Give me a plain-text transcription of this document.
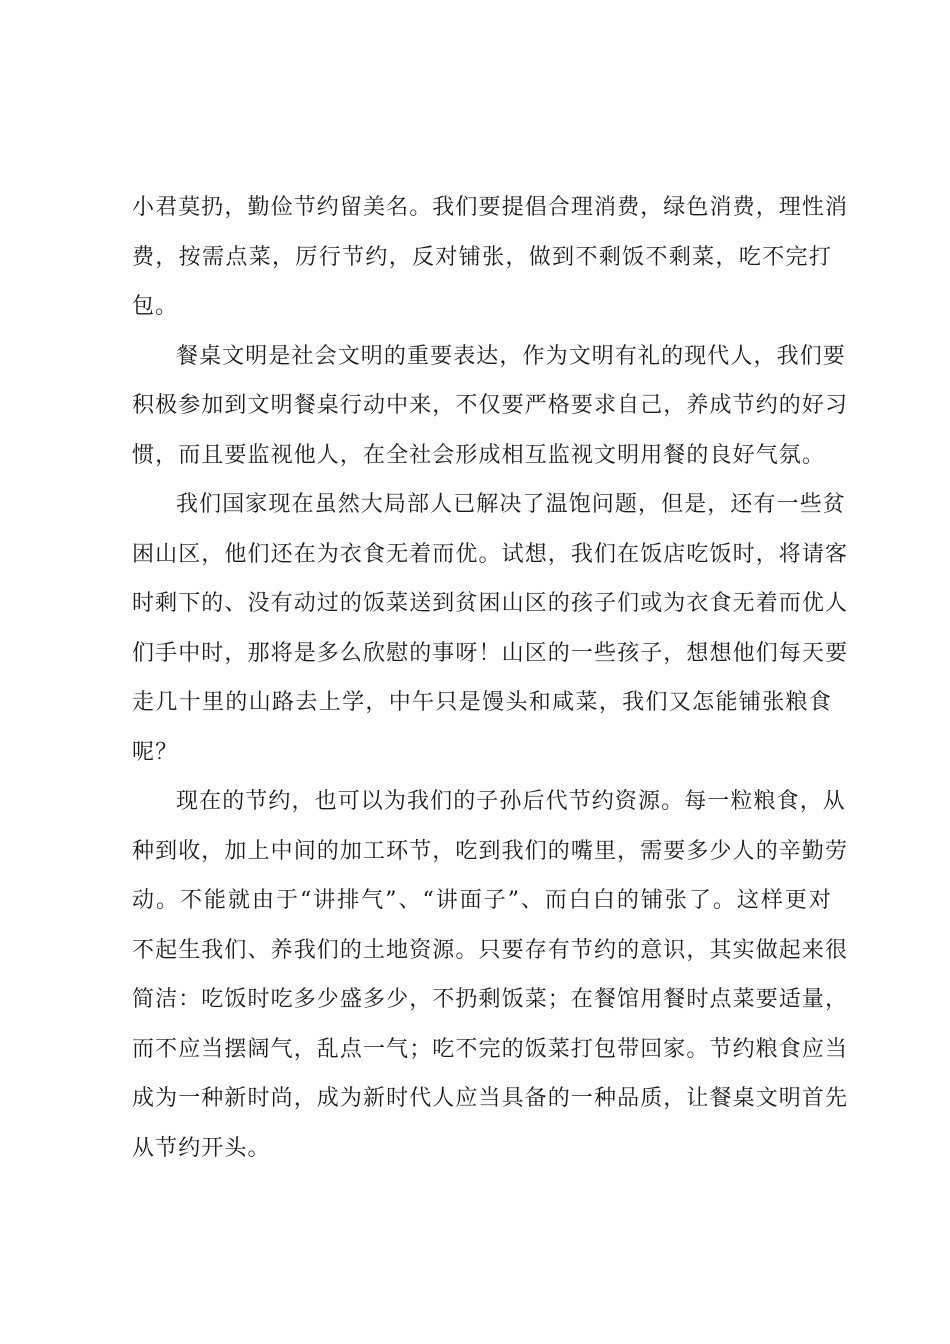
小君莫扔，勤俭节约留美名。我们要提倡合理消费，绿色消费，理性消
费，按需点菜，厉行节约，反对铺张，做到不剩饭不剩菜，吃不完打
包。
餐桌文明是社会文明的重要表达，作为文明有礼的现代人，我们要
积极参加到文明餐桌行动中来，不仅要严格要求自己，养成节约的好习
惯，而且要监视他人，在全社会形成相互监视文明用餐的良好气氛。
我们国家现在虽然大局部人已解决了温饱问题，但是，还有一些贫
困山区，他们还在为衣食无着而优。试想，我们在饭店吃饭时，将请客
时剩下的、没有动过的饭菜送到贫困山区的孩子们或为衣食无着而优人
们手中时，那将是多么欣慰的事呀！山区的一些孩子，想想他们每天要
走几十里的山路去上学，中午只是馒头和咸菜，我们又怎能铺张粮食
呢？
现在的节约，也可以为我们的子孙后代节约资源。每一粒粮食，从
种到收，加上中间的加工环节，吃到我们的嘴里，需要多少人的辛勤劳
动。不能就由于“讲排气”、“讲面子”、而白白的铺张了。这样更对
不起生我们、养我们的土地资源。只要存有节约的意识，其实做起来很
简洁：吃饭时吃多少盛多少，不扔剩饭菜；在餐馆用餐时点菜要适量，
而不应当摆阔气，乱点一气；吃不完的饭菜打包带回家。节约粮食应当
成为一种新时尚，成为新时代人应当具备的一种品质，让餐桌文明首先
从节约开头。
